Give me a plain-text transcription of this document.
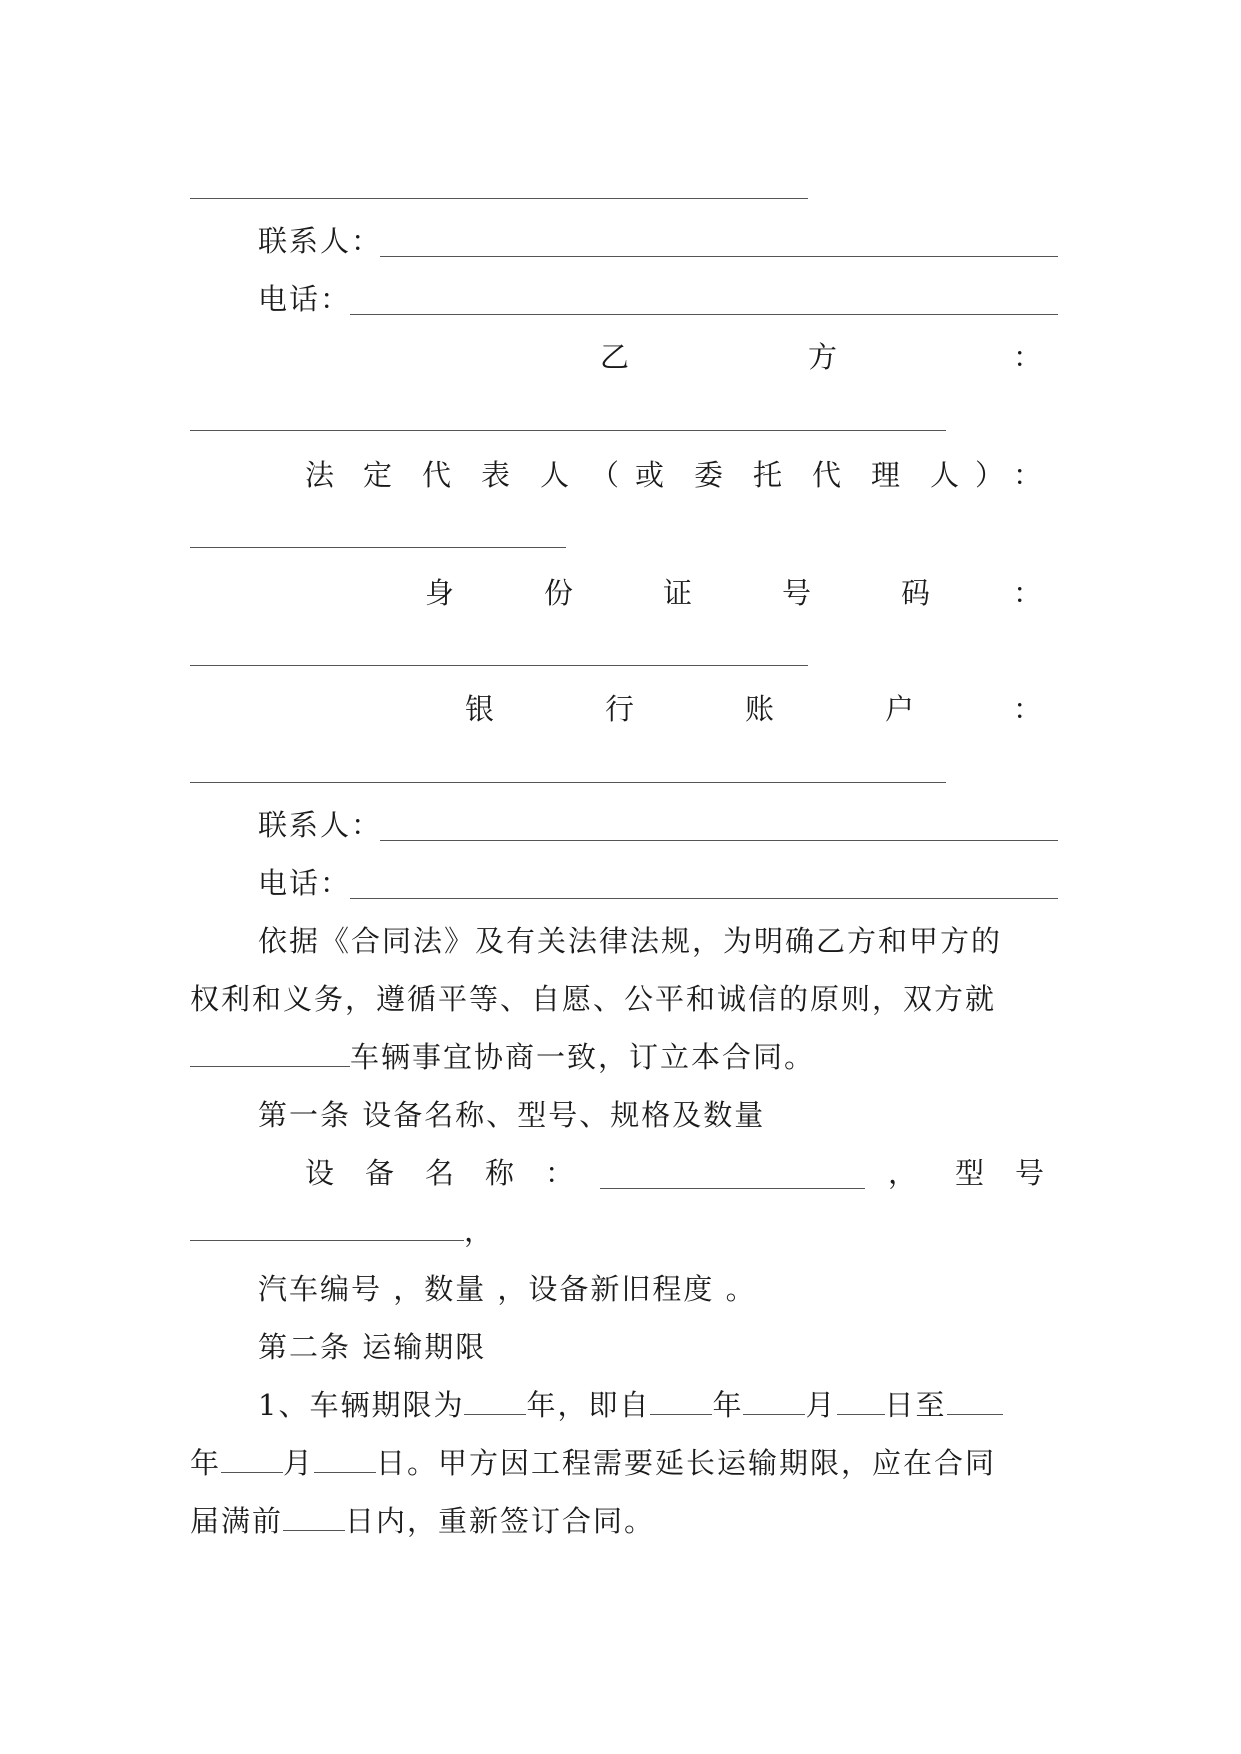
联系人：
电话：
乙	方	：
法 定 代 表 人 （ 或 委 托 代 理 人 ） ：
身	份	证	号	码	：
银	行	账	户	：
联系人：
电话：
依据《合同法》及有关法律法规，为明确乙方和甲方的
权利和义务，遵循平等、自愿、公平和诚信的原则，双方就
车辆事宜协商一致，订立本合同。
第一条 设备名称、型号、规格及数量
设 备 名 称 ：	， 型 号
，
汽车编号 ，数量 ，设备新旧程度 。
第二条 运输期限
1、车辆期限为 年，即自 年 月 日至
年 月 日。甲方因工程需要延长运输期限，应在合同
届满前 日内，重新签订合同。
